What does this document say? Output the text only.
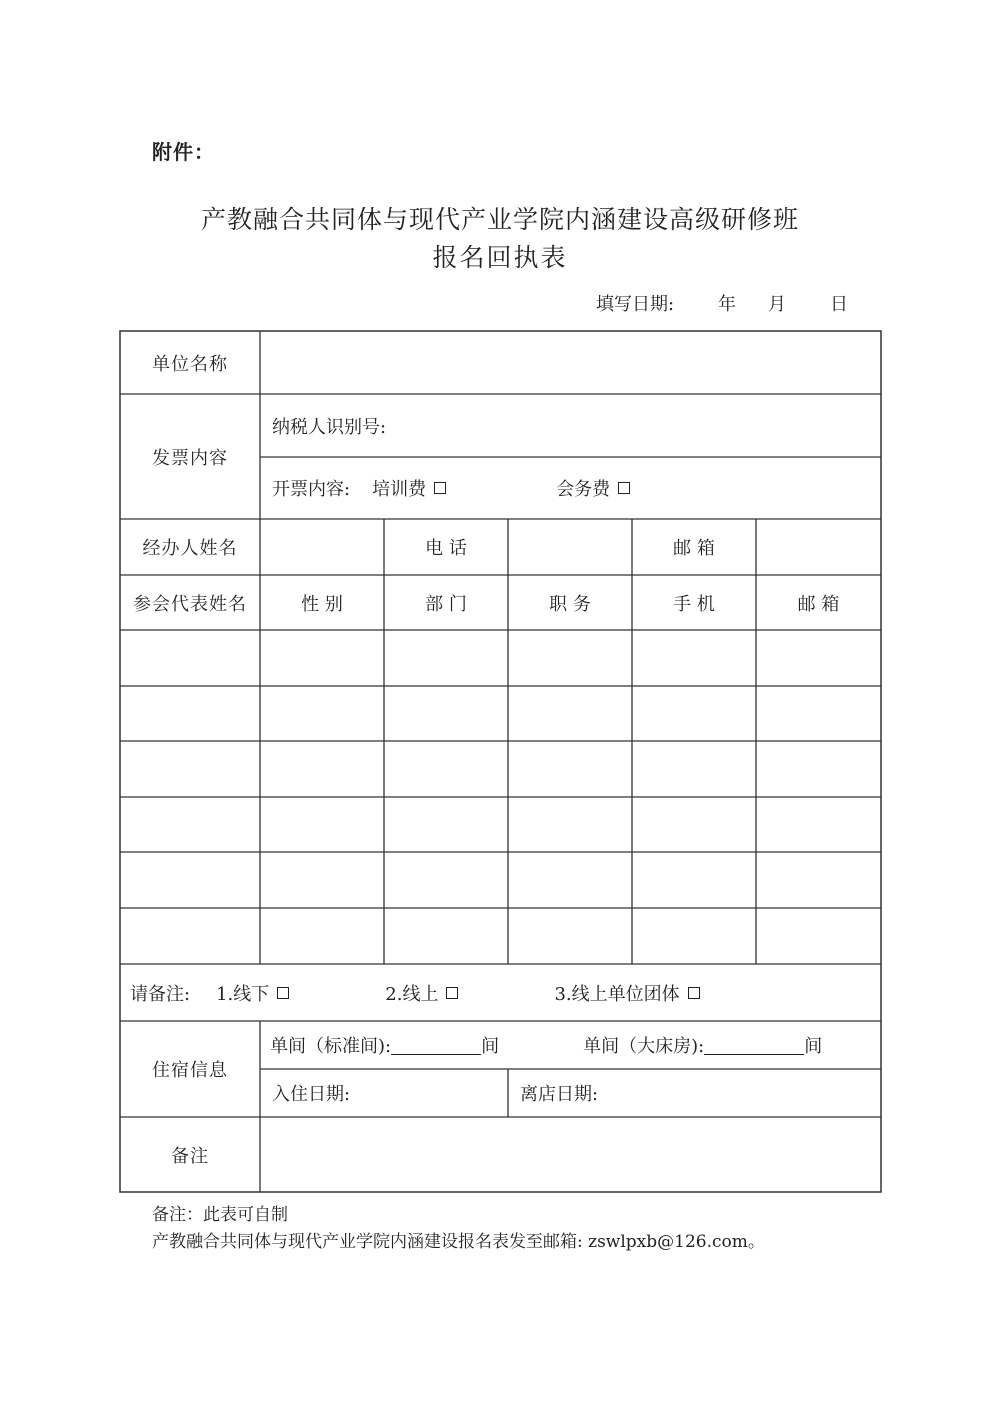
附件：
产教融合共同体与现代产业学院内涵建设高级研修班
报名回执表
填写日期: 年 月 日
单位名称
发票内容
纳税人识别号:
开票内容: 培训费	会务费
经办人姓名	电 话	邮 箱
参会代表姓名	性 别	部 门	职 务	手 机	邮 箱
请备注: 1.线下	2.线上	3.线上单位团体
住宿信息
单间（标准间):	间	单间（大床房):	间
入住日期:	离店日期:
备注
备注：此表可自制
产教融合共同体与现代产业学院内涵建设报名表发至邮箱: zswlpxb@126.com。
